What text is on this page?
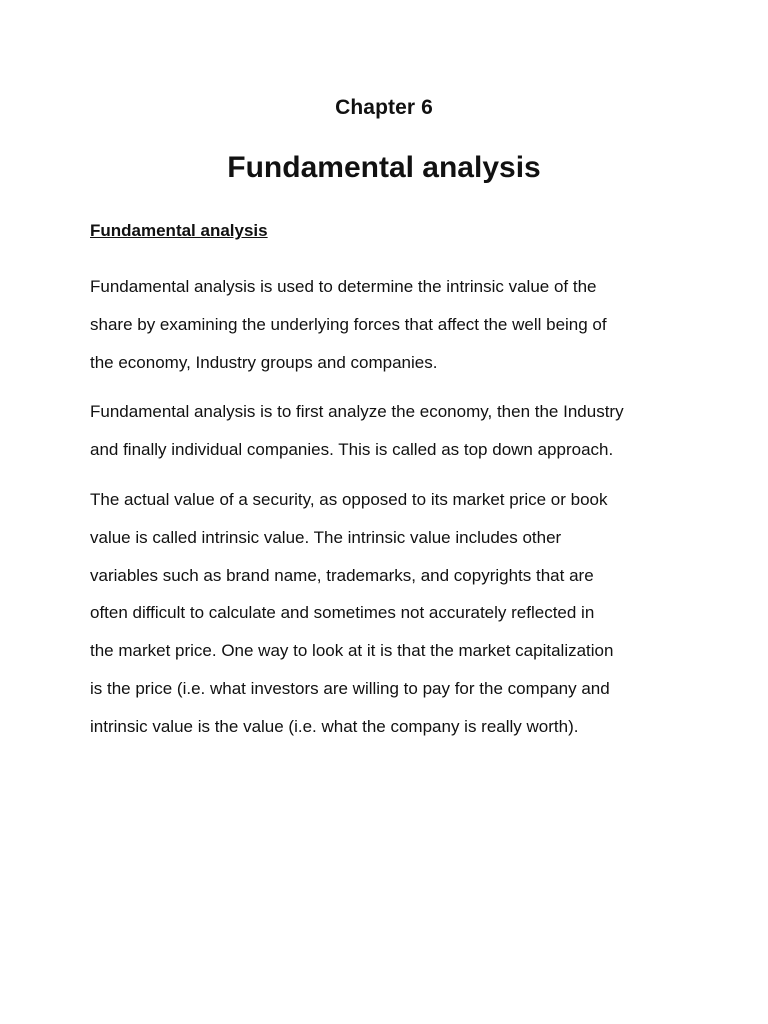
Chapter 6
Fundamental analysis
Fundamental analysis

Fundamental analysis is used to determine the intrinsic value of the
share by examining the underlying forces that affect the well being of
the economy, Industry groups and companies.

Fundamental analysis is to first analyze the economy, then the Industry
and finally individual companies. This is called as top down approach.

The actual value of a security, as opposed to its market price or book
value is called intrinsic value. The intrinsic value includes other
variables such as brand name, trademarks, and copyrights that are
often difficult to calculate and sometimes not accurately reflected in
the market price. One way to look at it is that the market capitalization
is the price (i.e. what investors are willing to pay for the company and
intrinsic value is the value (i.e. what the company is really worth).
